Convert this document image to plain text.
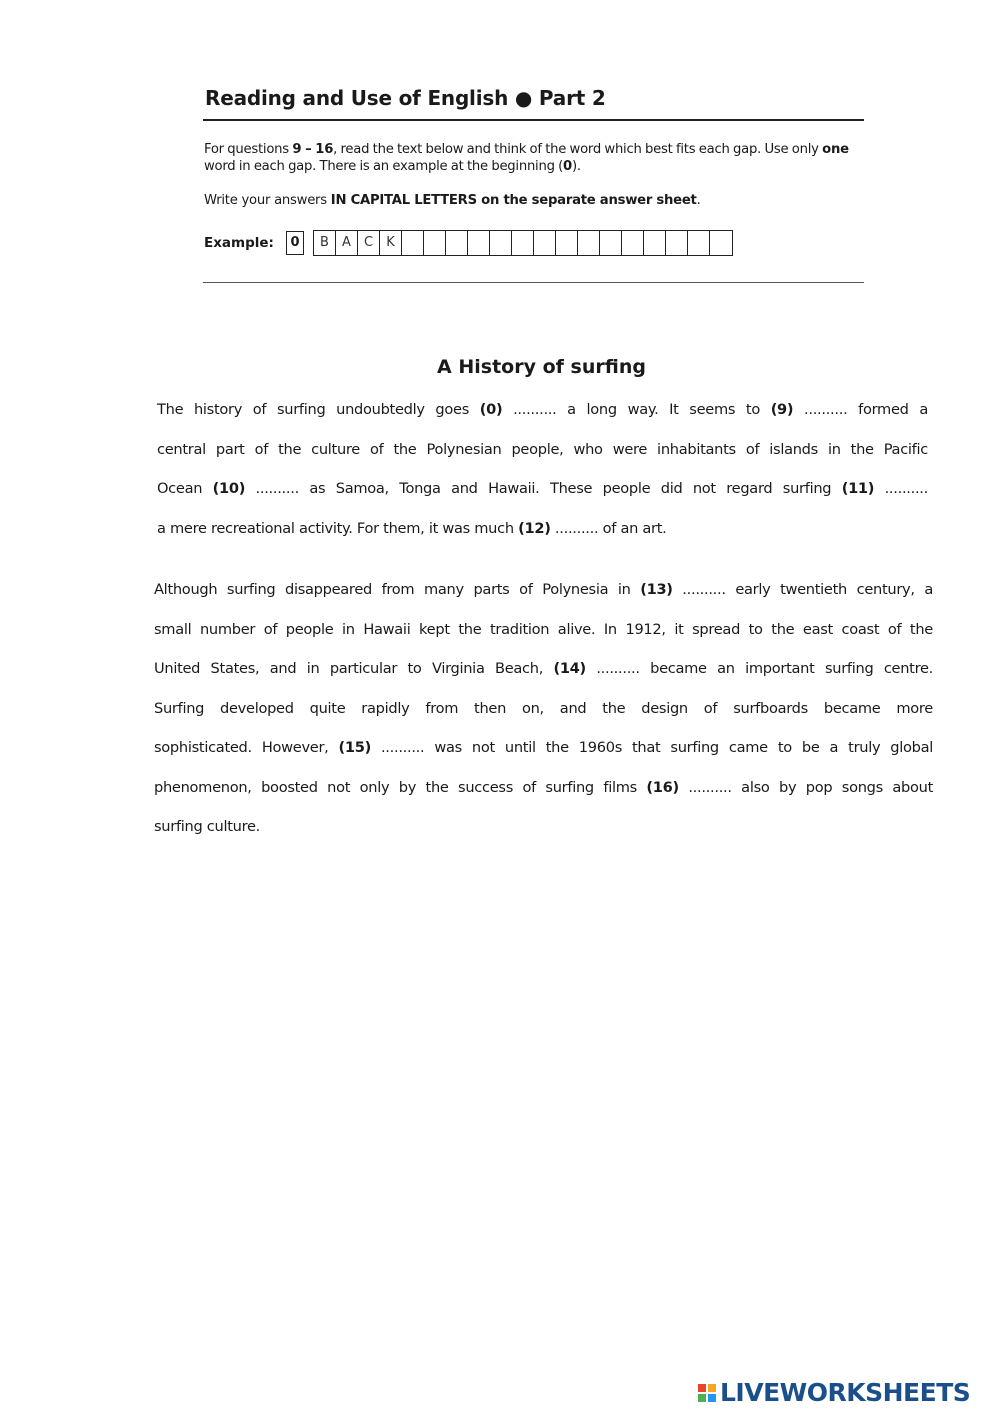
Reading and Use of English ● Part 2
For questions 9 – 16, read the text below and think of the word which best fits each gap. Use only one word in each gap. There is an example at the beginning (0).
Write your answers IN CAPITAL LETTERS on the separate answer sheet.
Example:	0	B	A	C	K
A History of surfing
The history of surfing undoubtedly goes (0) .......... a long way. It seems to (9) .......... formed a
central part of the culture of the Polynesian people, who were inhabitants of islands in the Pacific
Ocean (10) .......... as Samoa, Tonga and Hawaii. These people did not regard surfing (11) ..........
a mere recreational activity. For them, it was much (12) .......... of an art.
Although surfing disappeared from many parts of Polynesia in (13) .......... early twentieth century, a
small number of people in Hawaii kept the tradition alive. In 1912, it spread to the east coast of the
United States, and in particular to Virginia Beach, (14) .......... became an important surfing centre.
Surfing developed quite rapidly from then on, and the design of surfboards became more
sophisticated. However, (15) .......... was not until the 1960s that surfing came to be a truly global
phenomenon, boosted not only by the success of surfing films (16) .......... also by pop songs about
surfing culture.
LIVEWORKSHEETS
